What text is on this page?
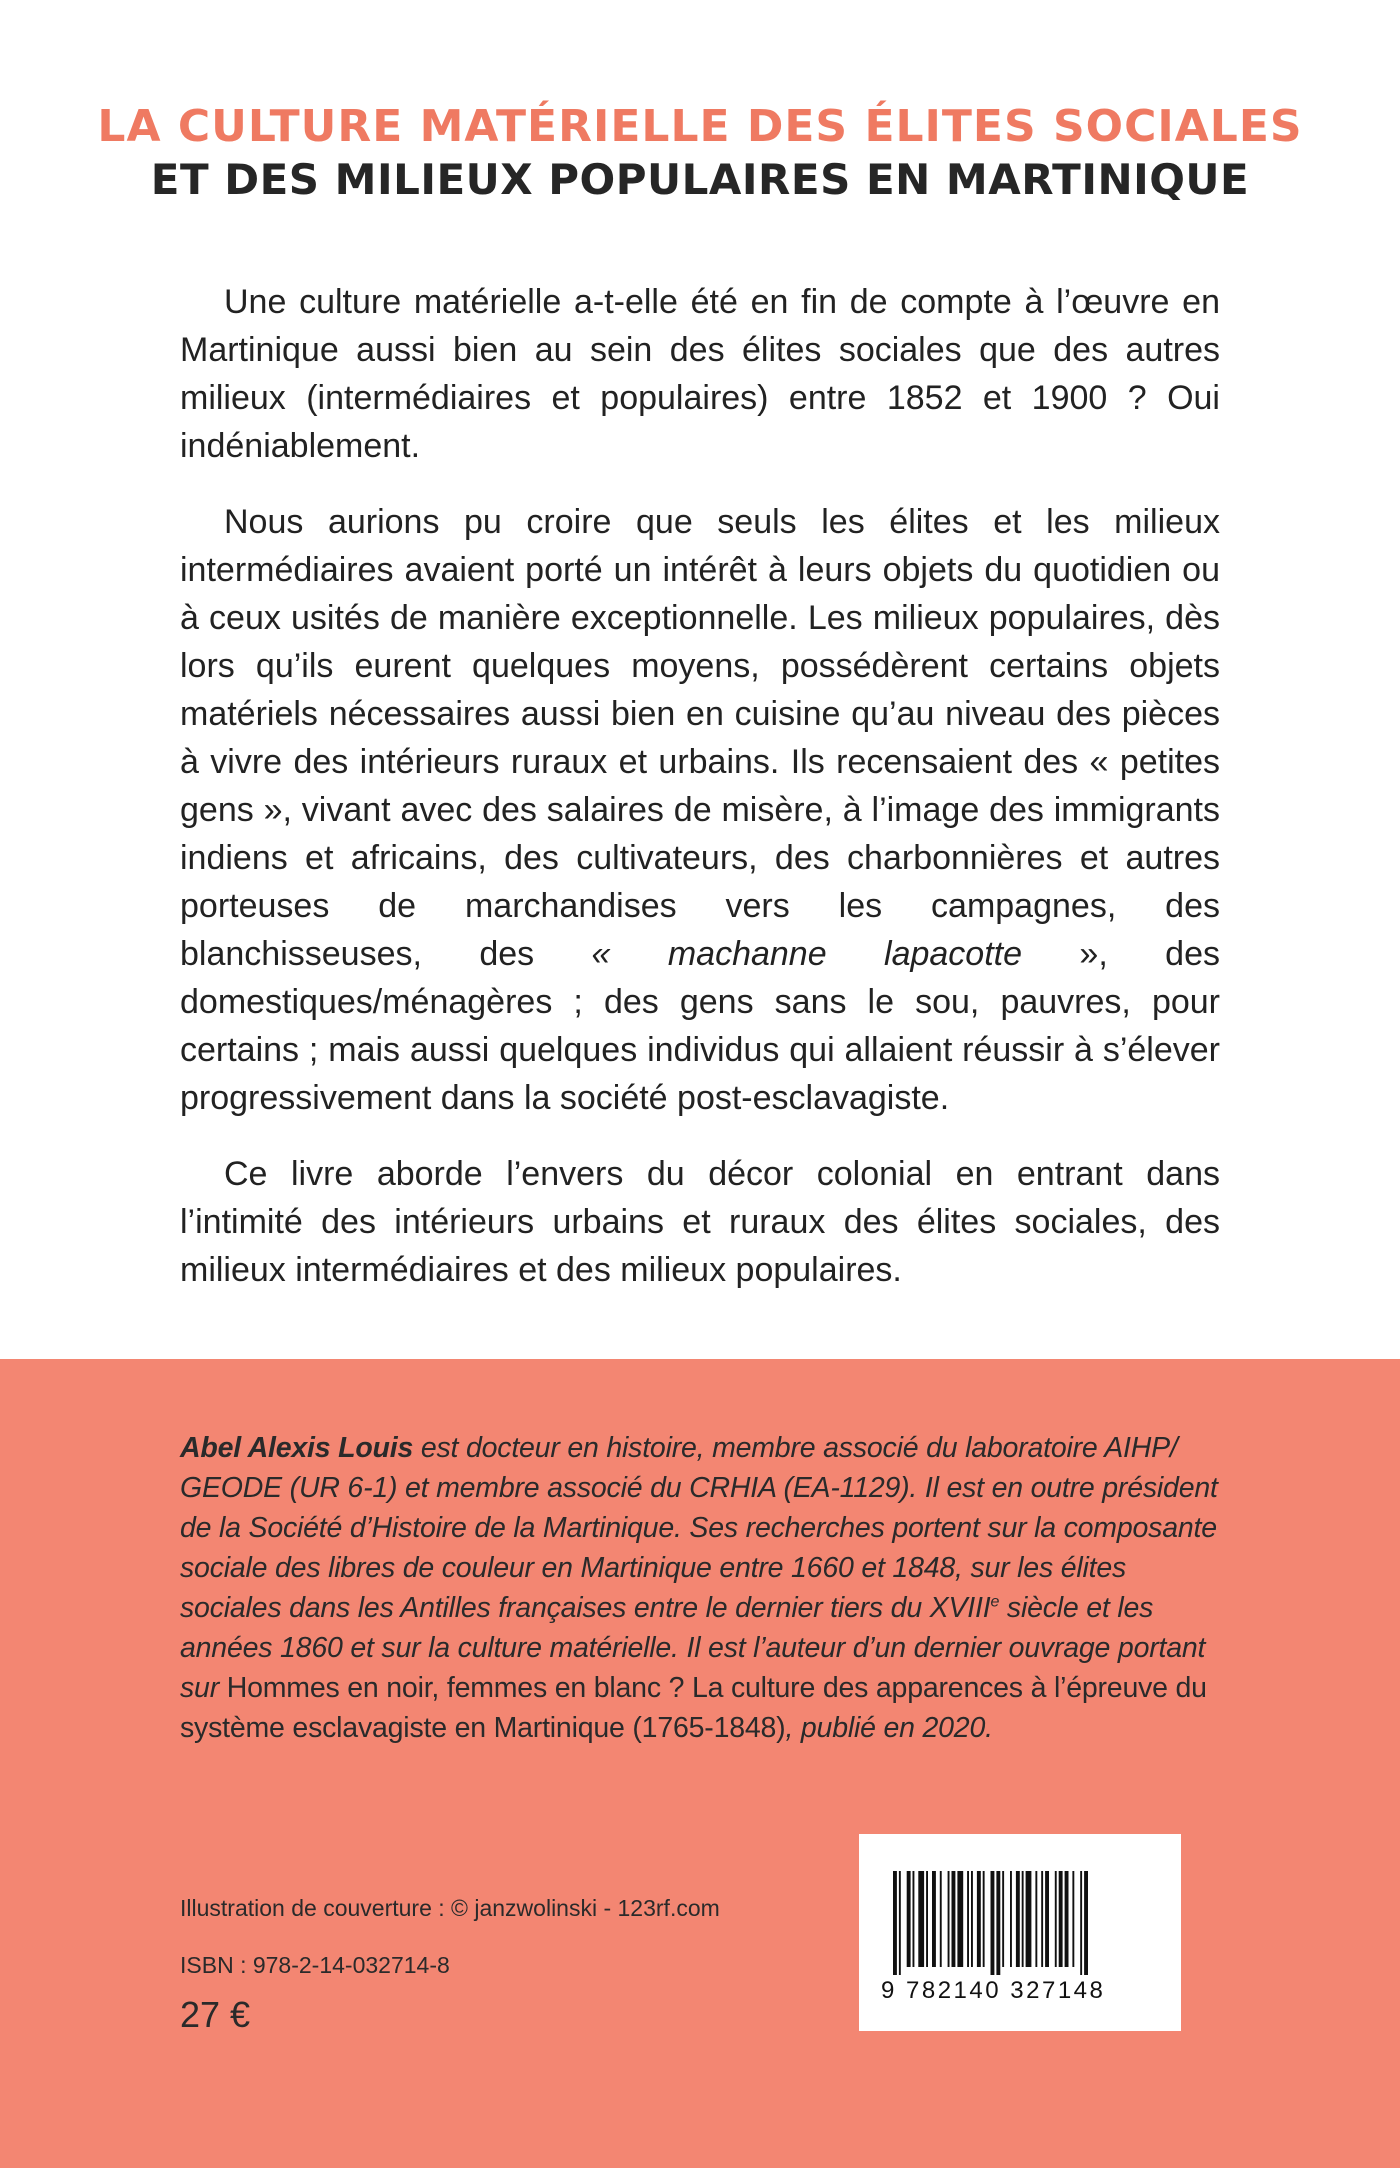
LA CULTURE MATÉRIELLE DES ÉLITES SOCIALES
ET DES MILIEUX POPULAIRES EN MARTINIQUE

Une culture matérielle a-t-elle été en fin de compte à l’œuvre en Martinique aussi bien au sein des élites sociales que des autres milieux (intermédiaires et populaires) entre 1852 et 1900 ? Oui indéniablement.

Nous aurions pu croire que seuls les élites et les milieux intermédiaires avaient porté un intérêt à leurs objets du quotidien ou à ceux usités de manière exceptionnelle. Les milieux populaires, dès lors qu’ils eurent quelques moyens, possédèrent certains objets matériels nécessaires aussi bien en cuisine qu’au niveau des pièces à vivre des intérieurs ruraux et urbains. Ils recensaient des « petites gens », vivant avec des salaires de misère, à l’image des immigrants indiens et africains, des cultivateurs, des charbonnières et autres porteuses de marchandises vers les campagnes, des blanchisseuses, des « machanne lapacotte », des domestiques/ménagères ; des gens sans le sou, pauvres, pour certains ; mais aussi quelques individus qui allaient réussir à s’élever progressivement dans la société post-esclavagiste.

Ce livre aborde l’envers du décor colonial en entrant dans l’intimité des intérieurs urbains et ruraux des élites sociales, des milieux intermédiaires et des milieux populaires.

Abel Alexis Louis est docteur en histoire, membre associé du laboratoire AIHP/ GEODE (UR 6-1) et membre associé du CRHIA (EA-1129). Il est en outre président de la Société d’Histoire de la Martinique. Ses recherches portent sur la composante sociale des libres de couleur en Martinique entre 1660 et 1848, sur les élites sociales dans les Antilles françaises entre le dernier tiers du XVIIIe siècle et les années 1860 et sur la culture matérielle. Il est l’auteur d’un dernier ouvrage portant sur Hommes en noir, femmes en blanc ? La culture des apparences à l’épreuve du système esclavagiste en Martinique (1765-1848), publié en 2020.

Illustration de couverture : © janzwolinski - 123rf.com
ISBN : 978-2-14-032714-8
27 €
9 782140 327148
